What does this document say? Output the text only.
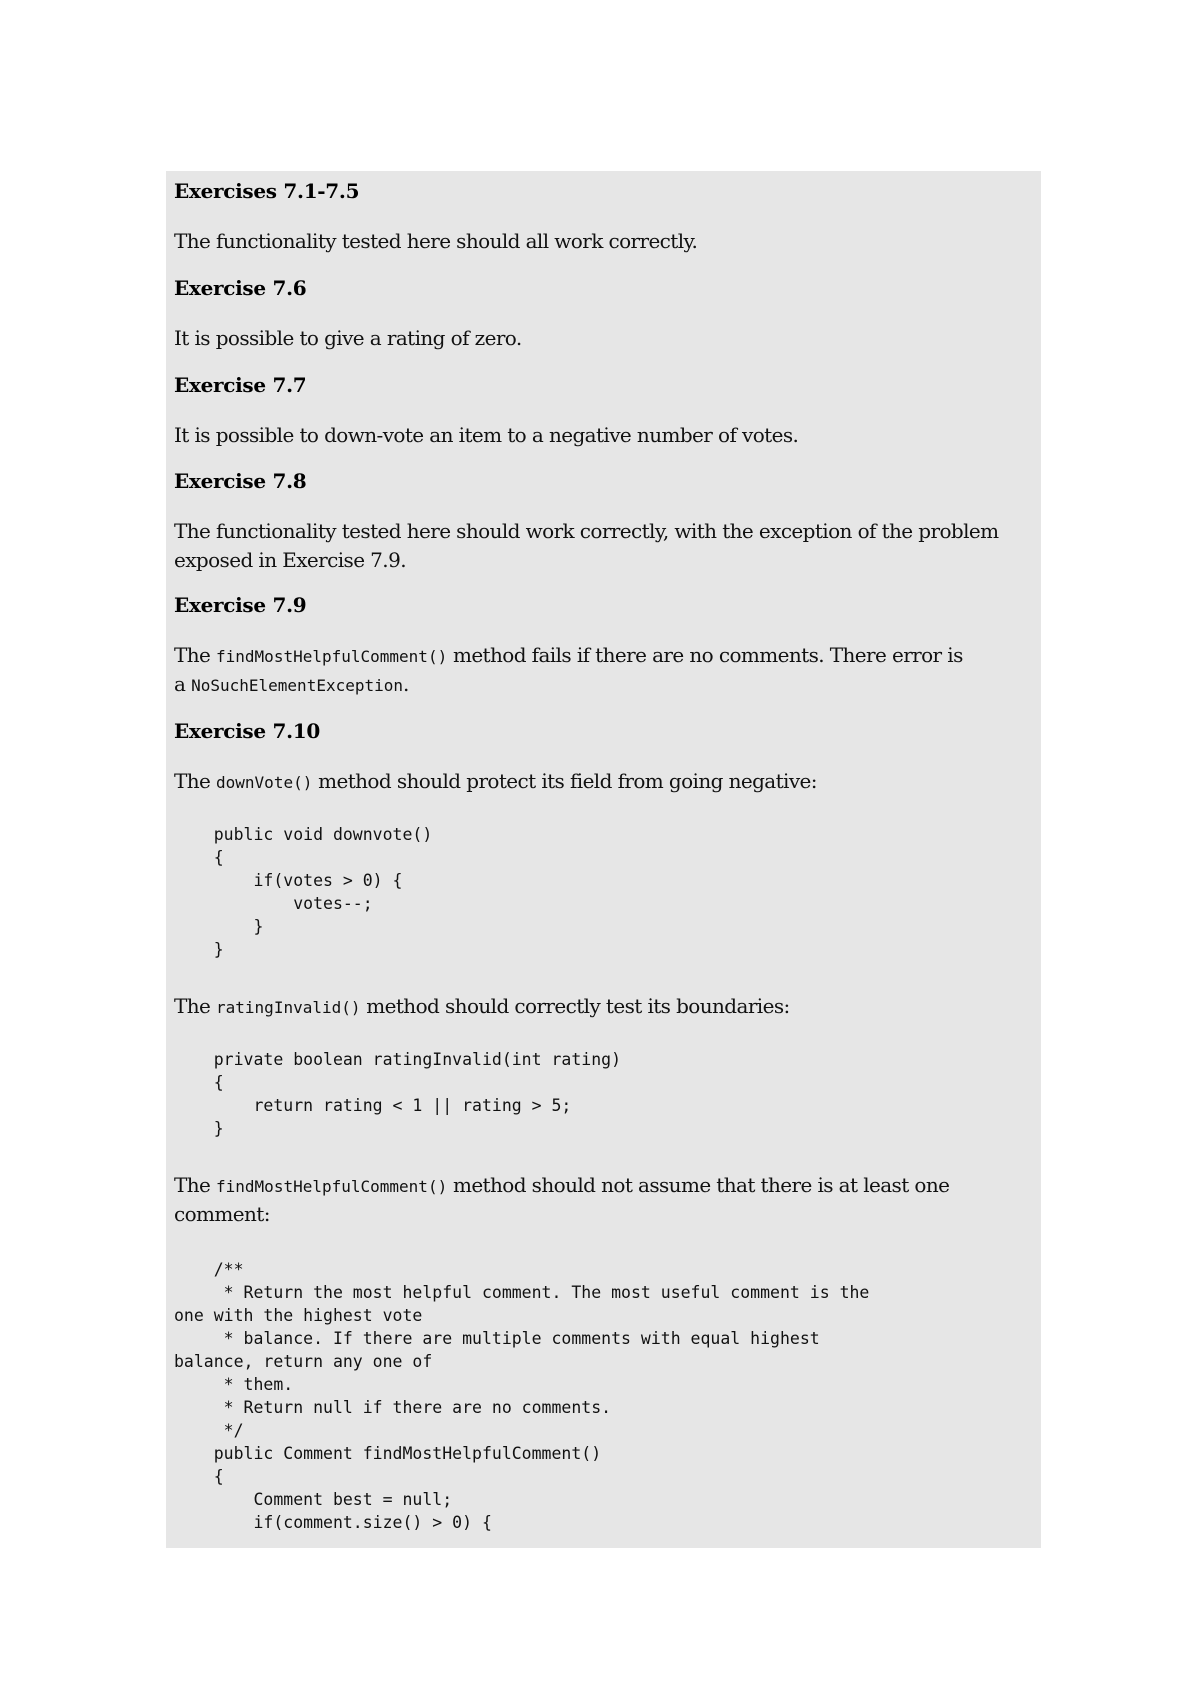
Exercises 7.1-7.5
The functionality tested here should all work correctly.
Exercise 7.6
It is possible to give a rating of zero.
Exercise 7.7
It is possible to down-vote an item to a negative number of votes.
Exercise 7.8
The functionality tested here should work correctly, with the exception of the problem exposed in Exercise 7.9.
Exercise 7.9
The findMostHelpfulComment() method fails if there are no comments. There error is
a NoSuchElementException.
Exercise 7.10
The downVote() method should protect its field from going negative:
public void downvote()
{
if(votes > 0) {
votes--;
}
}
The ratingInvalid() method should correctly test its boundaries:
private boolean ratingInvalid(int rating)
{
return rating < 1 || rating > 5;
}
The findMostHelpfulComment() method should not assume that there is at least one
comment:
/**
* Return the most helpful comment. The most useful comment is the
one with the highest vote
* balance. If there are multiple comments with equal highest
balance, return any one of
* them.
* Return null if there are no comments.
*/
public Comment findMostHelpfulComment()
{
Comment best = null;
if(comment.size() > 0) {
